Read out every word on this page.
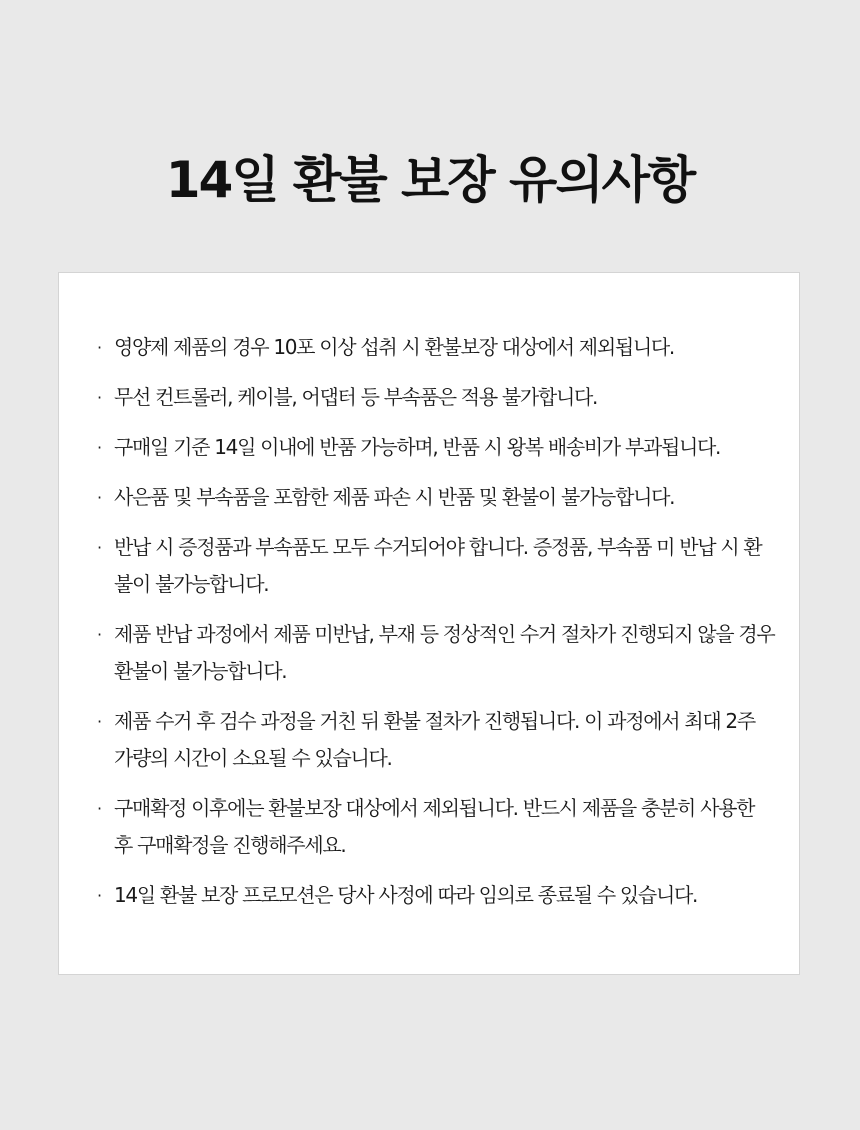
14일 환불 보장 유의사항
· 영양제 제품의 경우 10포 이상 섭취 시 환불보장 대상에서 제외됩니다.
· 무선 컨트롤러, 케이블, 어댑터 등 부속품은 적용 불가합니다.
· 구매일 기준 14일 이내에 반품 가능하며, 반품 시 왕복 배송비가 부과됩니다.
· 사은품 및 부속품을 포함한 제품 파손 시 반품 및 환불이 불가능합니다.
· 반납 시 증정품과 부속품도 모두 수거되어야 합니다. 증정품, 부속품 미 반납 시 환불이 불가능합니다.
· 제품 반납 과정에서 제품 미반납, 부재 등 정상적인 수거 절차가 진행되지 않을 경우 환불이 불가능합니다.
· 제품 수거 후 검수 과정을 거친 뒤 환불 절차가 진행됩니다. 이 과정에서 최대 2주 가량의 시간이 소요될 수 있습니다.
· 구매확정 이후에는 환불보장 대상에서 제외됩니다. 반드시 제품을 충분히 사용한 후 구매확정을 진행해주세요.
· 14일 환불 보장 프로모션은 당사 사정에 따라 임의로 종료될 수 있습니다.
